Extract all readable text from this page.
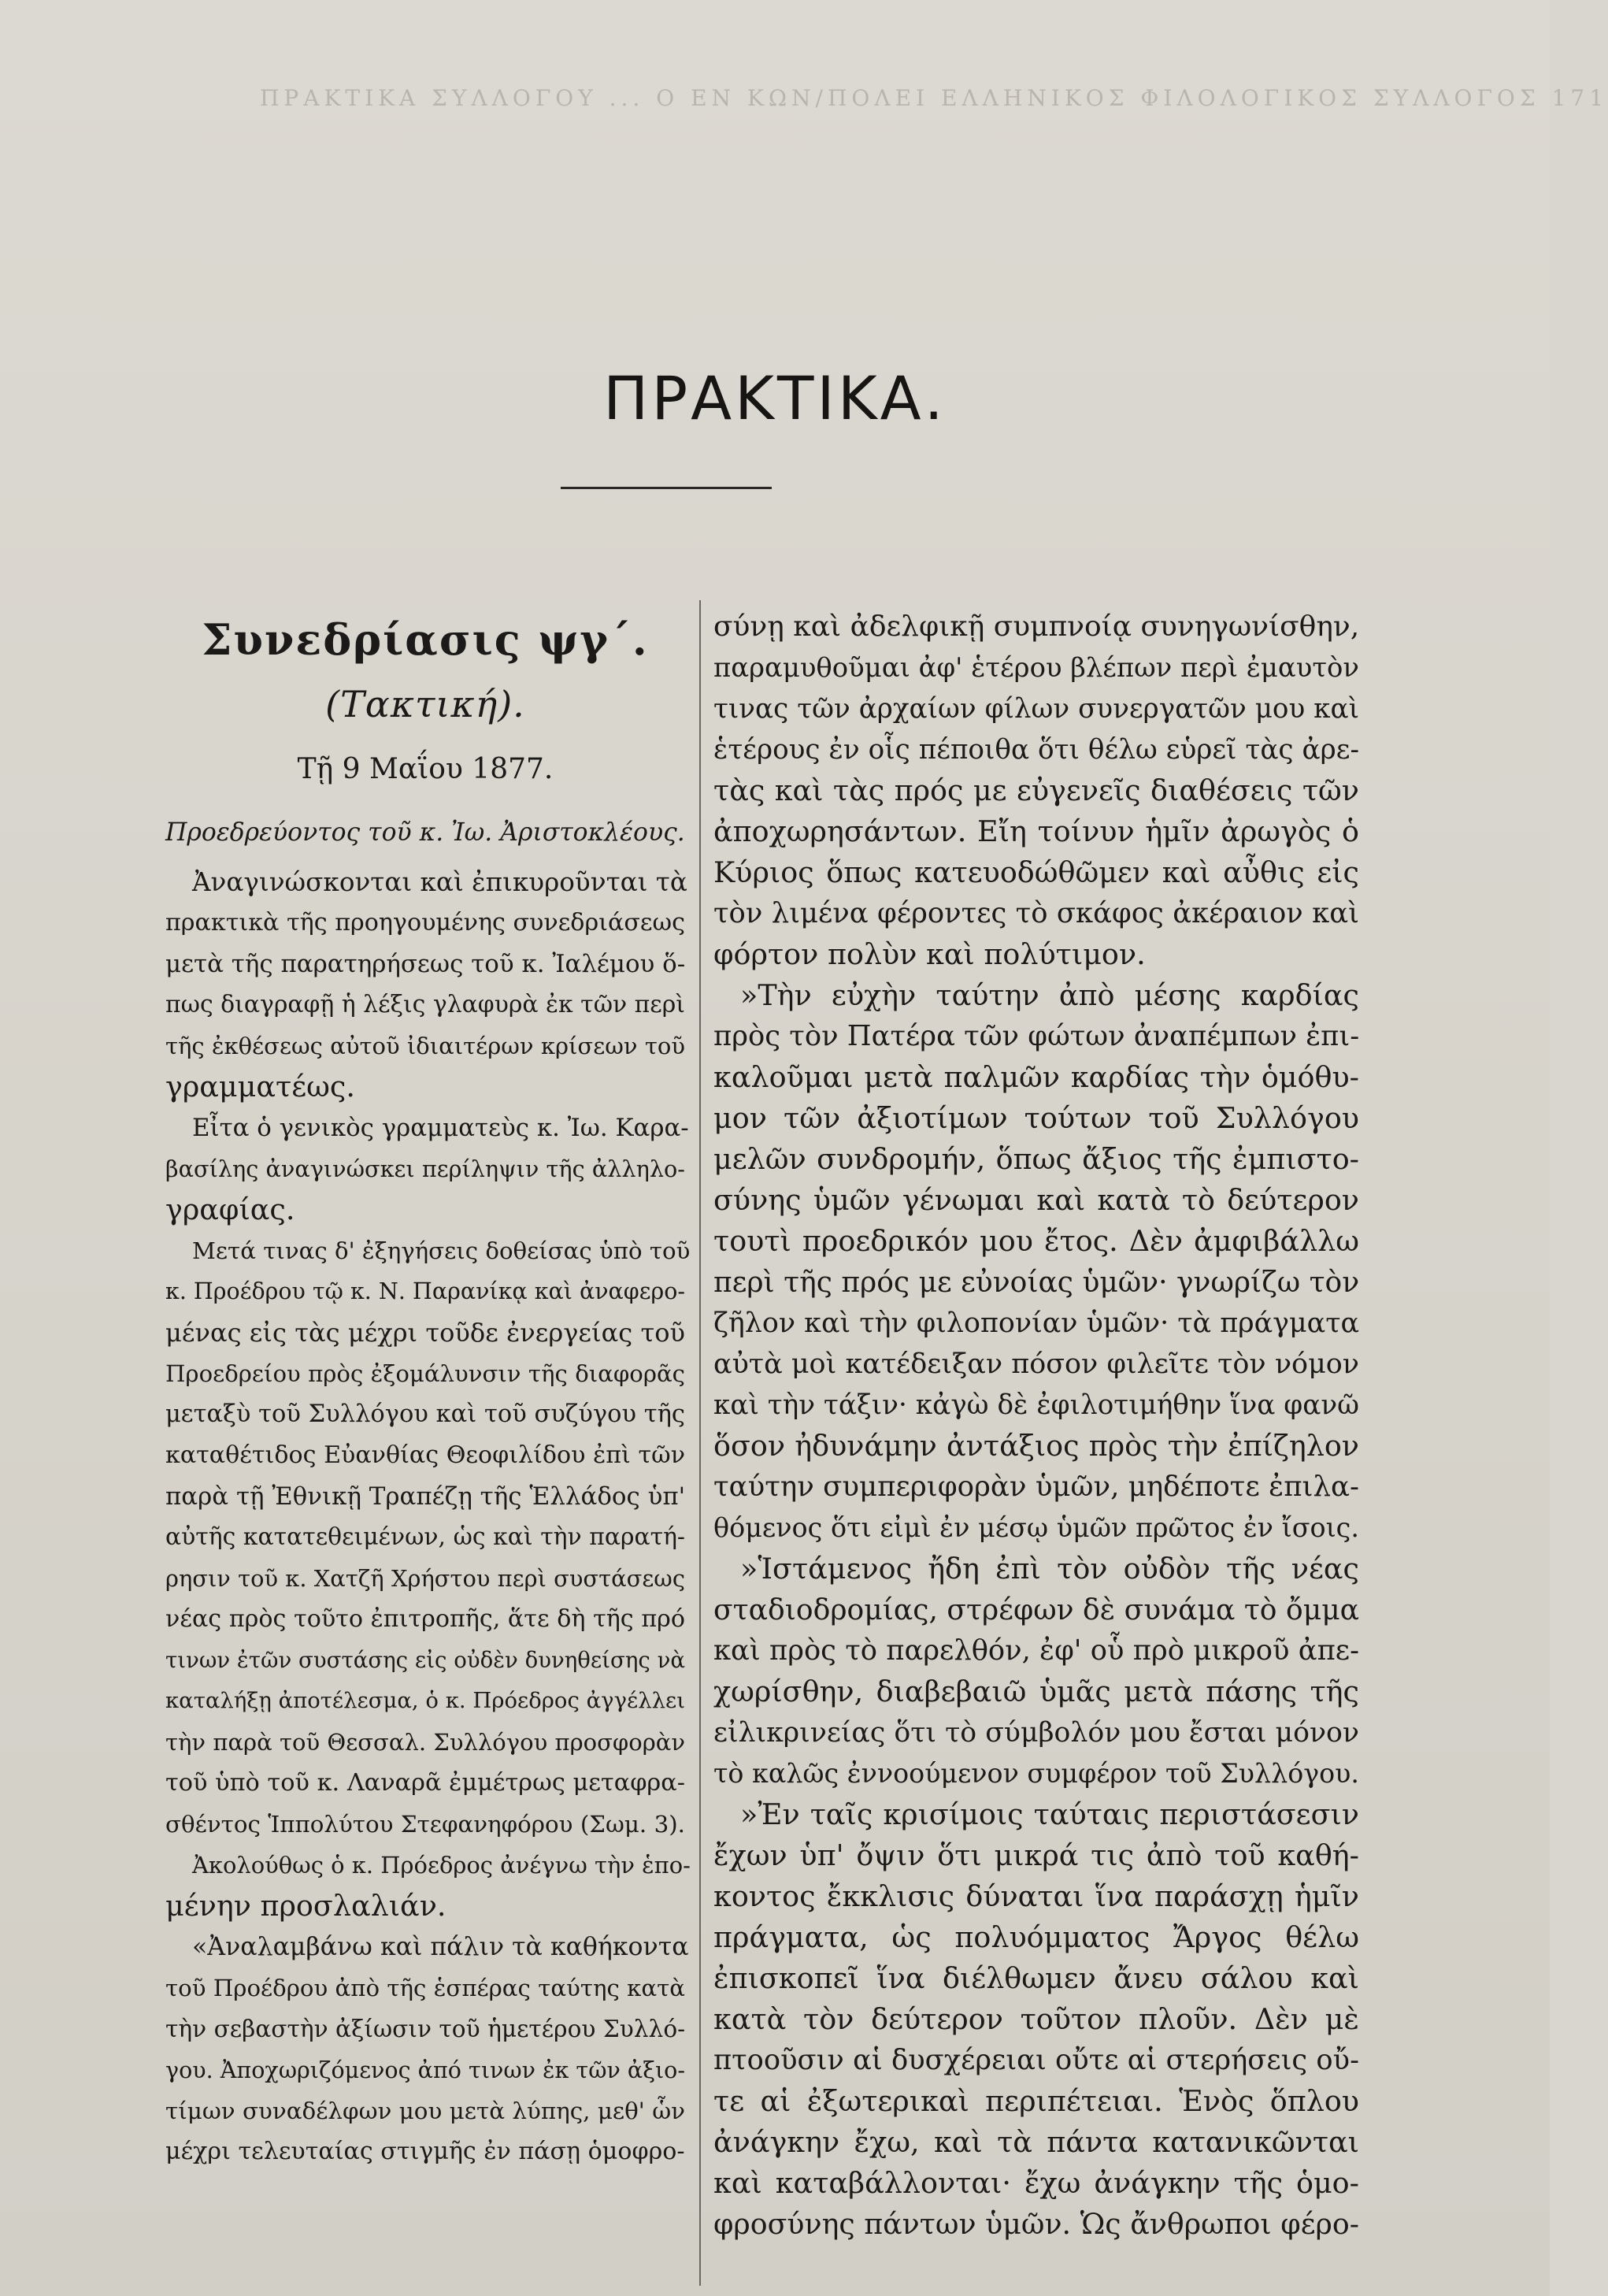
ΠΡΑΚΤΙΚΑ ΣΥΛΛΟΓΟΥ ... Ο ΕΝ ΚΩΝ/ΠΟΛΕΙ ΕΛΛΗΝΙΚΟΣ ΦΙΛΟΛΟΓΙΚΟΣ ΣΥΛΛΟΓΟΣ 171
ΠΡΑΚΤΙΚΑ.
Συνεδρίασις ψγ΄.
(Τακτική).
Τῇ 9 Μαΐου 1877.
Προεδρεύοντος τοῦ κ. Ἰω. Ἀριστοκλέους.
Ἀναγινώσκονται καὶ ἐπικυροῦνται τὰ
πρακτικὰ τῆς προηγουμένης συνεδριάσεως
μετὰ τῆς παρατηρήσεως τοῦ κ. Ἰαλέμου ὅ-
πως διαγραφῇ ἡ λέξις γλαφυρὰ ἐκ τῶν περὶ
τῆς ἐκθέσεως αὐτοῦ ἰδιαιτέρων κρίσεων τοῦ
γραμματέως.
Εἶτα ὁ γενικὸς γραμματεὺς κ. Ἰω. Καρα-
βασίλης ἀναγινώσκει περίληψιν τῆς ἀλληλο-
γραφίας.
Μετά τινας δ' ἐξηγήσεις δοθείσας ὑπὸ τοῦ
κ. Προέδρου τῷ κ. Ν. Παρανίκᾳ καὶ ἀναφερο-
μένας εἰς τὰς μέχρι τοῦδε ἐνεργείας τοῦ
Προεδρείου πρὸς ἐξομάλυνσιν τῆς διαφορᾶς
μεταξὺ τοῦ Συλλόγου καὶ τοῦ συζύγου τῆς
καταθέτιδος Εὐανθίας Θεοφιλίδου ἐπὶ τῶν
παρὰ τῇ Ἐθνικῇ Τραπέζῃ τῆς Ἑλλάδος ὑπ'
αὐτῆς κατατεθειμένων, ὡς καὶ τὴν παρατή-
ρησιν τοῦ κ. Χατζῆ Χρήστου περὶ συστάσεως
νέας πρὸς τοῦτο ἐπιτροπῆς, ἅτε δὴ τῆς πρό
τινων ἐτῶν συστάσης εἰς οὐδὲν δυνηθείσης νὰ
καταλήξῃ ἀποτέλεσμα, ὁ κ. Πρόεδρος ἀγγέλλει
τὴν παρὰ τοῦ Θεσσαλ. Συλλόγου προσφορὰν
τοῦ ὑπὸ τοῦ κ. Λαναρᾶ ἐμμέτρως μεταφρα-
σθέντος Ἱππολύτου Στεφανηφόρου (Σωμ. 3).
Ἀκολούθως ὁ κ. Πρόεδρος ἀνέγνω τὴν ἑπο-
μένην προσλαλιάν.
«Ἀναλαμβάνω καὶ πάλιν τὰ καθήκοντα
τοῦ Προέδρου ἀπὸ τῆς ἑσπέρας ταύτης κατὰ
τὴν σεβαστὴν ἀξίωσιν τοῦ ἡμετέρου Συλλό-
γου. Ἀποχωριζόμενος ἀπό τινων ἐκ τῶν ἀξιο-
τίμων συναδέλφων μου μετὰ λύπης, μεθ' ὧν
μέχρι τελευταίας στιγμῆς ἐν πάσῃ ὁμοφρο-
σύνῃ καὶ ἀδελφικῇ συμπνοίᾳ συνηγωνίσθην,
παραμυθοῦμαι ἀφ' ἑτέρου βλέπων περὶ ἐμαυτὸν
τινας τῶν ἀρχαίων φίλων συνεργατῶν μου καὶ
ἑτέρους ἐν οἷς πέποιθα ὅτι θέλω εὑρεῖ τὰς ἀρε-
τὰς καὶ τὰς πρός με εὐγενεῖς διαθέσεις τῶν
ἀποχωρησάντων. Εἴη τοίνυν ἡμῖν ἀρωγὸς ὁ
Κύριος ὅπως κατευοδώθῶμεν καὶ αὖθις εἰς
τὸν λιμένα φέροντες τὸ σκάφος ἀκέραιον καὶ
φόρτον πολὺν καὶ πολύτιμον.
»Τὴν εὐχὴν ταύτην ἀπὸ μέσης καρδίας
πρὸς τὸν Πατέρα τῶν φώτων ἀναπέμπων ἐπι-
καλοῦμαι μετὰ παλμῶν καρδίας τὴν ὁμόθυ-
μον τῶν ἀξιοτίμων τούτων τοῦ Συλλόγου
μελῶν συνδρομήν, ὅπως ἄξιος τῆς ἐμπιστο-
σύνης ὑμῶν γένωμαι καὶ κατὰ τὸ δεύτερον
τουτὶ προεδρικόν μου ἔτος. Δὲν ἀμφιβάλλω
περὶ τῆς πρός με εὐνοίας ὑμῶν· γνωρίζω τὸν
ζῆλον καὶ τὴν φιλοπονίαν ὑμῶν· τὰ πράγματα
αὐτὰ μοὶ κατέδειξαν πόσον φιλεῖτε τὸν νόμον
καὶ τὴν τάξιν· κἀγὼ δὲ ἐφιλοτιμήθην ἵνα φανῶ
ὅσον ἠδυνάμην ἀντάξιος πρὸς τὴν ἐπίζηλον
ταύτην συμπεριφορὰν ὑμῶν, μηδέποτε ἐπιλα-
θόμενος ὅτι εἰμὶ ἐν μέσῳ ὑμῶν πρῶτος ἐν ἴσοις.
»Ἱστάμενος ἤδη ἐπὶ τὸν οὐδὸν τῆς νέας
σταδιοδρομίας, στρέφων δὲ συνάμα τὸ ὄμμα
καὶ πρὸς τὸ παρελθόν, ἐφ' οὗ πρὸ μικροῦ ἀπε-
χωρίσθην, διαβεβαιῶ ὑμᾶς μετὰ πάσης τῆς
εἰλικρινείας ὅτι τὸ σύμβολόν μου ἔσται μόνον
τὸ καλῶς ἐννοούμενον συμφέρον τοῦ Συλλόγου.
»Ἐν ταῖς κρισίμοις ταύταις περιστάσεσιν
ἔχων ὑπ' ὄψιν ὅτι μικρά τις ἀπὸ τοῦ καθή-
κοντος ἔκκλισις δύναται ἵνα παράσχῃ ἡμῖν
πράγματα, ὡς πολυόμματος Ἄργος θέλω
ἐπισκοπεῖ ἵνα διέλθωμεν ἄνευ σάλου καὶ
κατὰ τὸν δεύτερον τοῦτον πλοῦν. Δὲν μὲ
πτοοῦσιν αἱ δυσχέρειαι οὔτε αἱ στερήσεις οὔ-
τε αἱ ἐξωτερικαὶ περιπέτειαι. Ἑνὸς ὅπλου
ἀνάγκην ἔχω, καὶ τὰ πάντα κατανικῶνται
καὶ καταβάλλονται· ἔχω ἀνάγκην τῆς ὁμο-
φροσύνης πάντων ὑμῶν. Ὡς ἄνθρωποι φέρο-
